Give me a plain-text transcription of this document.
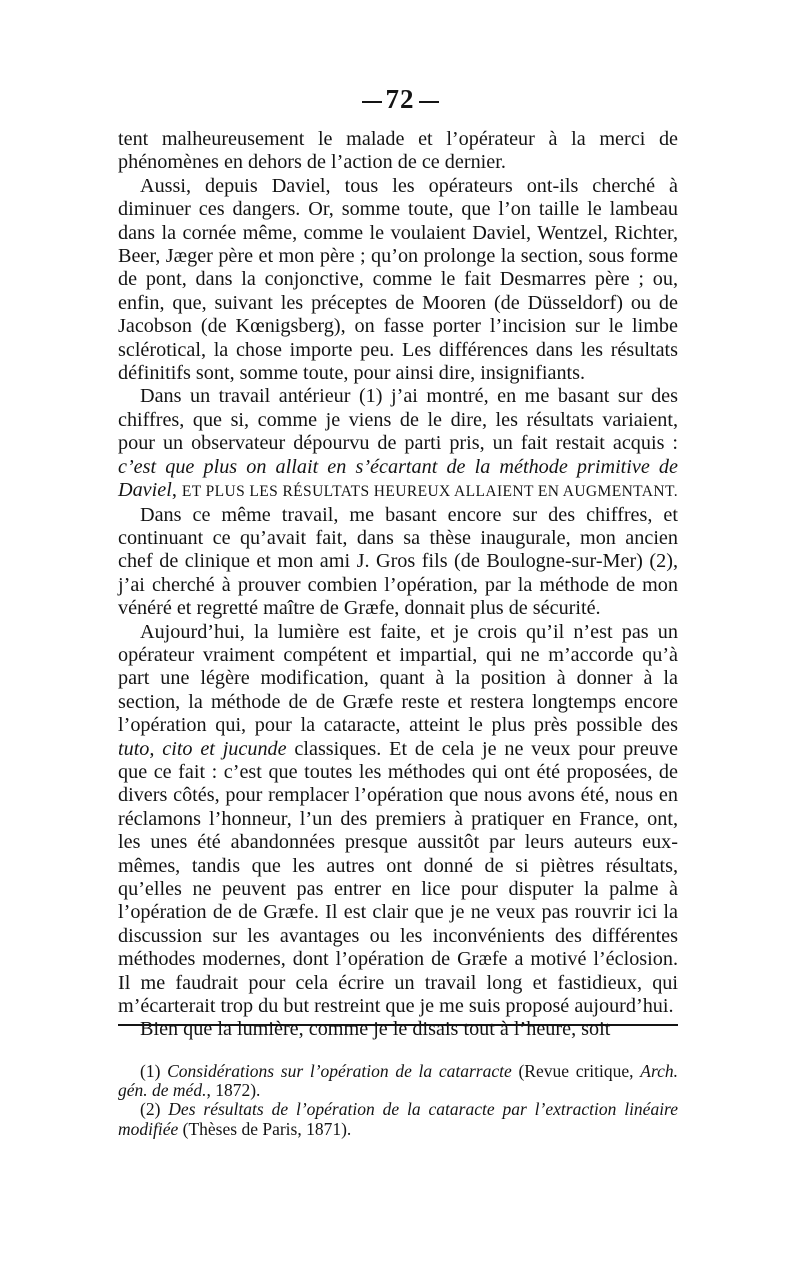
72

tent malheureusement le malade et l’opérateur à la merci de phénomènes en dehors de l’action de ce dernier.

Aussi, depuis Daviel, tous les opérateurs ont-ils cherché à diminuer ces dangers. Or, somme toute, que l’on taille le lambeau dans la cornée même, comme le voulaient Daviel, Wentzel, Richter, Beer, Jæger père et mon père ; qu’on prolonge la section, sous forme de pont, dans la conjonctive, comme le fait Desmarres père ; ou, enfin, que, suivant les préceptes de Mooren (de Düsseldorf) ou de Jacobson (de Kœnigsberg), on fasse porter l’incision sur le limbe sclérotical, la chose importe peu. Les différences dans les résultats définitifs sont, somme toute, pour ainsi dire, insignifiants.

Dans un travail antérieur (1) j’ai montré, en me basant sur des chiffres, que si, comme je viens de le dire, les résultats variaient, pour un observateur dépourvu de parti pris, un fait restait acquis : c’est que plus on allait en s’écartant de la méthode primitive de Daviel, ET PLUS LES RÉSULTATS HEUREUX ALLAIENT EN AUGMENTANT.

Dans ce même travail, me basant encore sur des chiffres, et continuant ce qu’avait fait, dans sa thèse inaugurale, mon ancien chef de clinique et mon ami J. Gros fils (de Boulogne-sur-Mer) (2), j’ai cherché à prouver combien l’opération, par la méthode de mon vénéré et regretté maître de Græfe, donnait plus de sécurité.

Aujourd’hui, la lumière est faite, et je crois qu’il n’est pas un opérateur vraiment compétent et impartial, qui ne m’accorde qu’à part une légère modification, quant à la position à donner à la section, la méthode de de Græfe reste et restera longtemps encore l’opération qui, pour la cataracte, atteint le plus près possible des tuto, cito et jucunde classiques. Et de cela je ne veux pour preuve que ce fait : c’est que toutes les méthodes qui ont été proposées, de divers côtés, pour remplacer l’opération que nous avons été, nous en réclamons l’honneur, l’un des premiers à pratiquer en France, ont, les unes été abandonnées presque aussitôt par leurs auteurs eux-mêmes, tandis que les autres ont donné de si piètres résultats, qu’elles ne peuvent pas entrer en lice pour disputer la palme à l’opération de de Græfe. Il est clair que je ne veux pas rouvrir ici la discussion sur les avantages ou les inconvénients des différentes méthodes modernes, dont l’opération de Græfe a motivé l’éclosion. Il me faudrait pour cela écrire un travail long et fastidieux, qui m’écarterait trop du but restreint que je me suis proposé aujourd’hui.

Bien que la lumière, comme je le disais tout à l’heure, soit

(1) Considérations sur l’opération de la catarracte (Revue critique, Arch. gén. de méd., 1872).

(2) Des résultats de l’opération de la cataracte par l’extraction linéaire modifiée (Thèses de Paris, 1871).
